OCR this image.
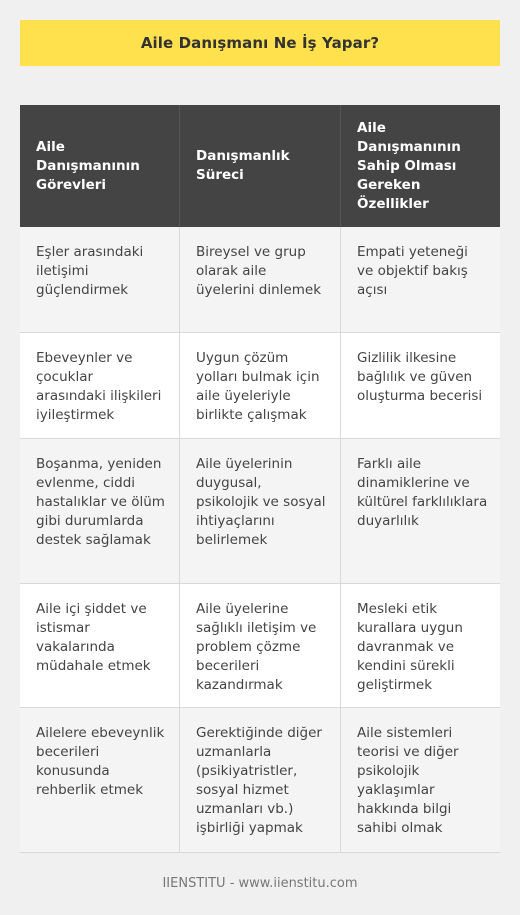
Aile Danışmanı Ne İş Yapar?
Aile Danışmanının Görevleri
Danışmanlık Süreci
Aile Danışmanının Sahip Olması Gereken Özellikler
Eşler arasındaki iletişimi güçlendirmek
Bireysel ve grup olarak aile üyelerini dinlemek
Empati yeteneği ve objektif bakış açısı
Ebeveynler ve çocuklar arasındaki ilişkileri iyileştirmek
Uygun çözüm yolları bulmak için aile üyeleriyle birlikte çalışmak
Gizlilik ilkesine bağlılık ve güven oluşturma becerisi
Boşanma, yeniden evlenme, ciddi hastalıklar ve ölüm gibi durumlarda destek sağlamak
Aile üyelerinin duygusal, psikolojik ve sosyal ihtiyaçlarını belirlemek
Farklı aile dinamiklerine ve kültürel farklılıklara duyarlılık
Aile içi şiddet ve istismar vakalarında müdahale etmek
Aile üyelerine sağlıklı iletişim ve problem çözme becerileri kazandırmak
Mesleki etik kurallara uygun davranmak ve kendini sürekli geliştirmek
Ailelere ebeveynlik becerileri konusunda rehberlik etmek
Gerektiğinde diğer uzmanlarla (psikiyatristler, sosyal hizmet uzmanları vb.) işbirliği yapmak
Aile sistemleri teorisi ve diğer psikolojik yaklaşımlar hakkında bilgi sahibi olmak
IIENSTITU - www.iienstitu.com
